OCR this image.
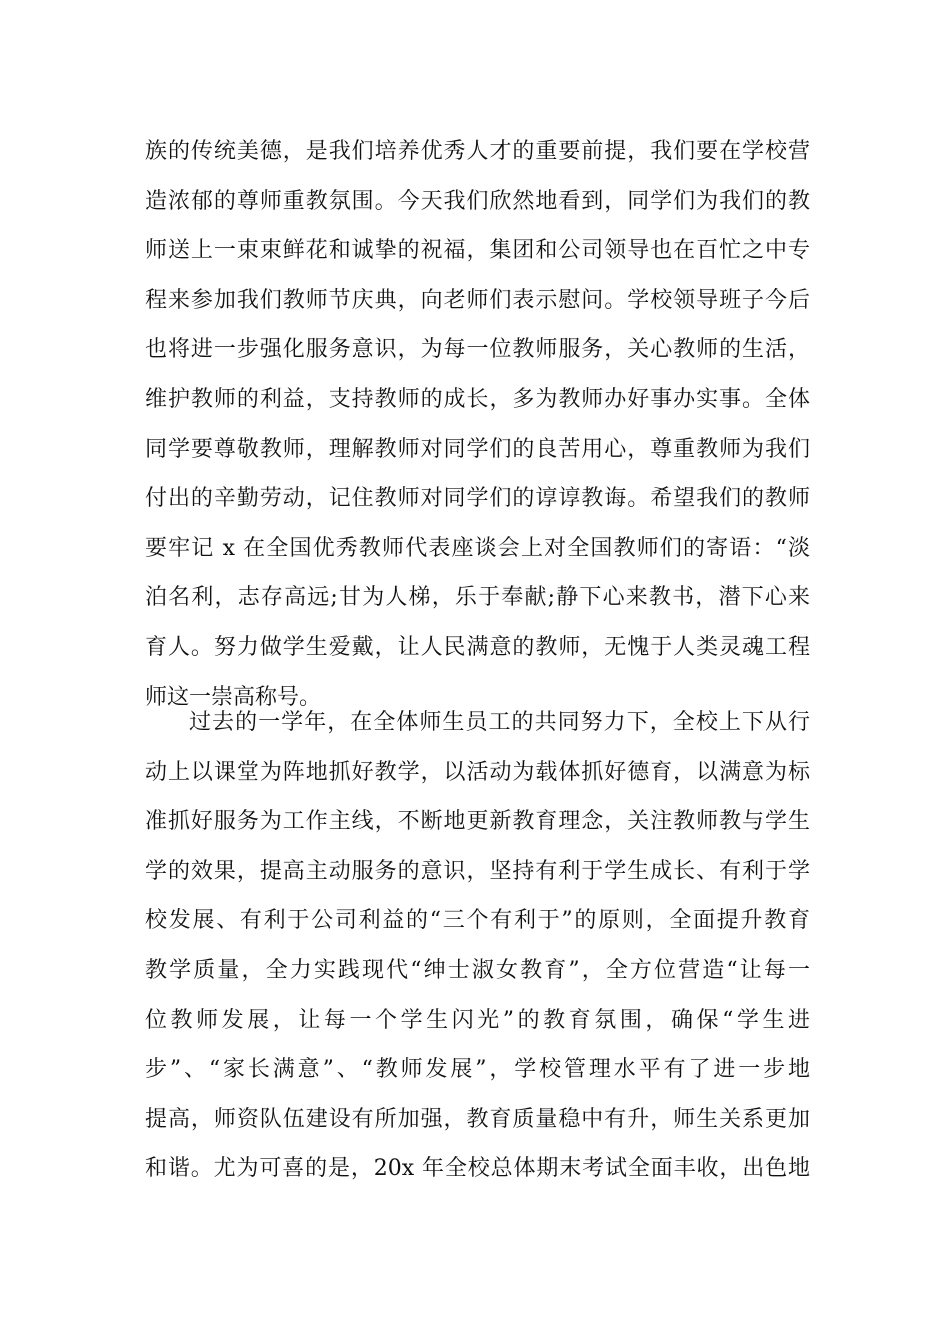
族的传统美德，是我们培养优秀人才的重要前提，我们要在学校营
造浓郁的尊师重教氛围。今天我们欣然地看到，同学们为我们的教
师送上一束束鲜花和诚挚的祝福，集团和公司领导也在百忙之中专
程来参加我们教师节庆典，向老师们表示慰问。学校领导班子今后
也将进一步强化服务意识，为每一位教师服务，关心教师的生活，
维护教师的利益，支持教师的成长，多为教师办好事办实事。全体
同学要尊敬教师，理解教师对同学们的良苦用心，尊重教师为我们
付出的辛勤劳动，记住教师对同学们的谆谆教诲。希望我们的教师
要牢记 x 在全国优秀教师代表座谈会上对全国教师们的寄语：“淡
泊名利，志存高远;甘为人梯，乐于奉献;静下心来教书，潜下心来
育人。努力做学生爱戴，让人民满意的教师，无愧于人类灵魂工程
师这一崇高称号。
过去的一学年，在全体师生员工的共同努力下，全校上下从行
动上以课堂为阵地抓好教学，以活动为载体抓好德育，以满意为标
准抓好服务为工作主线，不断地更新教育理念，关注教师教与学生
学的效果，提高主动服务的意识，坚持有利于学生成长、有利于学
校发展、有利于公司利益的“三个有利于”的原则，全面提升教育
教学质量，全力实践现代“绅士淑女教育”，全方位营造“让每一
位教师发展，让每一个学生闪光”的教育氛围，确保“学生进
步”、“家长满意”、“教师发展”，学校管理水平有了进一步地
提高，师资队伍建设有所加强，教育质量稳中有升，师生关系更加
和谐。尤为可喜的是，20x 年全校总体期末考试全面丰收，出色地
